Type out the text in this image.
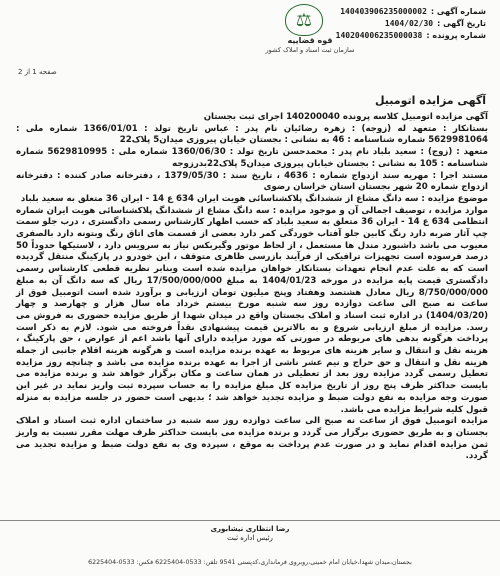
شماره آگهی :
140403906235000002
تاریخ آگهی :
1404/02/30
شماره پرونده :
140204006235000038
⚖
قوه قضاییه
سازمان ثبت اسناد و املاک کشور
صفحه 1 از 2
آگهی مزایده اتومبیل

آگهی مزایده اتومبیل کلاسه پرونده 140200040 اجرای ثبت بجستان

بستانکار : متعهد له (زوجه) : زهره رضائیان نام پدر : عباس تاریخ تولد : 1366/01/01 شماره ملی : 5629981064 شماره شناسنامه : 46 به نشانی : بجستان خیابان پیروزی میدان5 پلاک22

متعهد : (زوج) : سعید بلباد نام پدر : محمدحسن تاریخ تولد : 1360/06/30 شماره ملی : 5629810995 شماره شناسنامه : 105 به نشانی : بجستان خیابان پیروزی میدان5 پلاک22بدرزوجه

مستند اجرا : مهریه سند ازدواج شماره : 4636 ، تاریخ سند : 1379/05/30 ، دفترخانه صادر کننده : دفترخانه ازدواج شماره 20 شهر بجستان استان خراسان رضوی

موضوع مزایده : سه دانگ مشاع از ششدانگ پلاکشناسائی هویت ایران 634 ع 14 - ایران 36 متعلق به سعید بلباد

موارد مزایده ، توصیف اجمالی آن و موجود مزایده : سه دانگ مشاع از ششدانگ پلاکشناسائی هویت ایران شماره انتظامی 634 ع 14 - ایران 36 متعلق به سعید بلباد که حسب اظهار کارشناس رسمی دادگستری ، درب جلو سمت چپ آثار ضربه دارد رنگ کابین جلو آفتاب خوردگی کمر دارد بعضی از قسمت های اتاق رنگ وبتونه دارد بالصفری معیوب می باشد داشبورد مندل ها مستعمل ، از لحاظ موتور وگیربکس نیاز به سرویس دارد ، لاستیکها حدوداً 50 درصد فرسوده است تجهیزات ترافیکی از فرآیند بازرسی ظاهری متوقف ، این خودرو در پارکینگ منتقل گردیده است که به علت عدم انجام تعهدات بستانکار خواهان مزایده شده است وبنابر نظریه قطعی کارشناس رسمی دادگستری قیمت پایه مزایده در مورخه 1404/01/23 به مبلغ 17/500/000/000 ریال که سه دانگ آن به مبلغ 8/750/000/000 ریال معادل هشتصد وهفتاد وپنج میلیون تومان ارزیابی و برآورد شده است اتومبیل فوق از ساعت نه صبح الی ساعت دوازده روز سه شنبه مورخ بیستم خرداد ماه سال هزار و چهارصد و چهار (1404/03/20) در اداره ثبت اسناد و املاک بجستان واقع در میدان شهدا از طریق مزایده حضوری به فروش می رسد. مزایده از مبلغ ارزیابی شروع و به بالاترین قیمت پیشنهادی نقداً فروخته می شود. لازم به ذکر است پرداخت هرگونه بدهی های مربوطه در صورتی که مورد مزایده دارای آنها باشد اعم از عوارض ، حق پارکینگ ، هزینه نقل و انتقال و سایر هزینه های مربوط به عهده برنده مزایده است و هرگونه هزینه اقلام جانبی از جمله هزینه نقل و انتقال و حق حراج و نیم عشر ناشی از اجرا به عهده برنده مزایده می باشد و چنانچه روز مزایده تعطیل رسمی گردد مزایده روز بعد از تعطیلی در همان ساعت و مکان برگزار خواهد شد و برنده مزایده می بایست حداکثر ظرف پنج روز از تاریخ مزایده کل مبلغ مزایده را به حساب سپرده ثبت واریز نماید در غیر این صورت وجه مزایده به نفع دولت ضبط و مزایده تجدید خواهد شد ؛ بدیهی است حضور در جلسه مزایده به منزله قبول کلیه شرایط مزایده می باشد.

مزایده اتومبیل فوق از ساعت نه صبح الی ساعت دوازده روز سه شنبه در ساختمان اداره ثبت اسناد و املاک بجستان و به طریق حضوری برگزار می گردد و برنده مزایده می بایست حداکثر ظرف مهلت مقرر نسبت به واریز ثمن مزایده اقدام نماید و در صورت عدم پرداخت به موقع ، سپرده وی به نفع دولت ضبط و مزایده تجدید می گردد.

رضا انتظاری نیشابوری
رئیس اداره ثبت
بجستان،میدان شهدا،خیابان امام خمینی،روبروی فرمانداری،کدپستی 9541 تلفن: 0533-6225404 فکس: 0533-6225404
